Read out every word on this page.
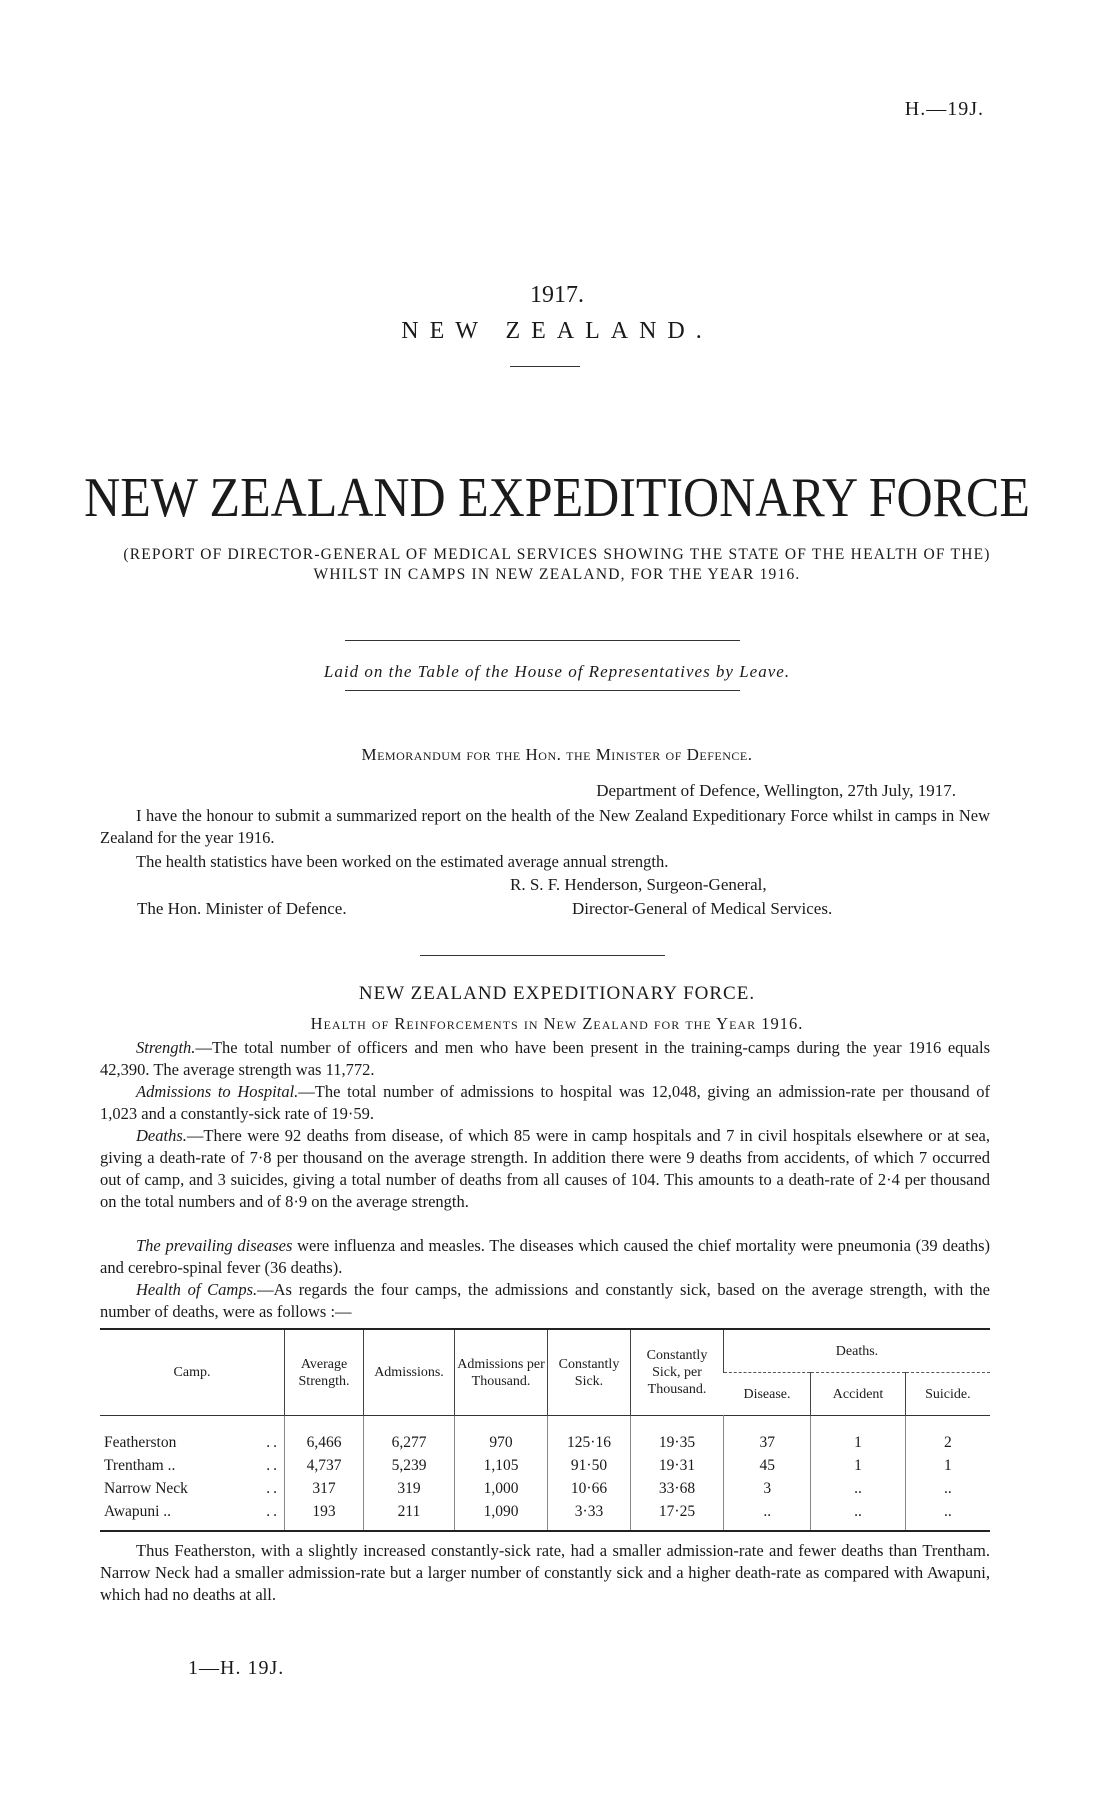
H.—19J.
1917.
NEW ZEALAND.
NEW ZEALAND EXPEDITIONARY FORCE
(REPORT OF DIRECTOR-GENERAL OF MEDICAL SERVICES SHOWING THE STATE OF THE HEALTH OF THE) WHILST IN CAMPS IN NEW ZEALAND, FOR THE YEAR 1916.
Laid on the Table of the House of Representatives by Leave.
Memorandum for the Hon. the Minister of Defence.
Department of Defence, Wellington, 27th July, 1917.
I have the honour to submit a summarized report on the health of the New Zealand Expeditionary Force whilst in camps in New Zealand for the year 1916.
The health statistics have been worked on the estimated average annual strength.
R. S. F. Henderson, Surgeon-General,
The Hon. Minister of Defence.	Director-General of Medical Services.
NEW ZEALAND EXPEDITIONARY FORCE.
Health of Reinforcements in New Zealand for the Year 1916.
Strength.—The total number of officers and men who have been present in the training-camps during the year 1916 equals 42,390. The average strength was 11,772.
Admissions to Hospital.—The total number of admissions to hospital was 12,048, giving an admission-rate per thousand of 1,023 and a constantly-sick rate of 19·59.
Deaths.—There were 92 deaths from disease, of which 85 were in camp hospitals and 7 in civil hospitals elsewhere or at sea, giving a death-rate of 7·8 per thousand on the average strength. In addition there were 9 deaths from accidents, of which 7 occurred out of camp, and 3 suicides, giving a total number of deaths from all causes of 104. This amounts to a death-rate of 2·4 per thousand on the total numbers and of 8·9 on the average strength.
The prevailing diseases were influenza and measles. The diseases which caused the chief mortality were pneumonia (39 deaths) and cerebro-spinal fever (36 deaths).
Health of Camps.—As regards the four camps, the admissions and constantly sick, based on the average strength, with the number of deaths, were as follows :—
Camp.	Average Strength.	Admissions.	Admissions per Thousand.	Constantly Sick.	Constantly Sick, per Thousand.	Deaths.		
						Disease.	Accident	Suicide.
Featherston ..	6,466	6,277	970	125·16	19·35	37	1	2
Trentham .. ..	4,737	5,239	1,105	91·50	19·31	45	1	1
Narrow Neck ..	317	319	1,000	10·66	33·68	3	..	..
Awapuni .. ..	193	211	1,090	3·33	17·25	..	..	..
Thus Featherston, with a slightly increased constantly-sick rate, had a smaller admission-rate and fewer deaths than Trentham. Narrow Neck had a smaller admission-rate but a larger number of constantly sick and a higher death-rate as compared with Awapuni, which had no deaths at all.
1—H. 19J.
